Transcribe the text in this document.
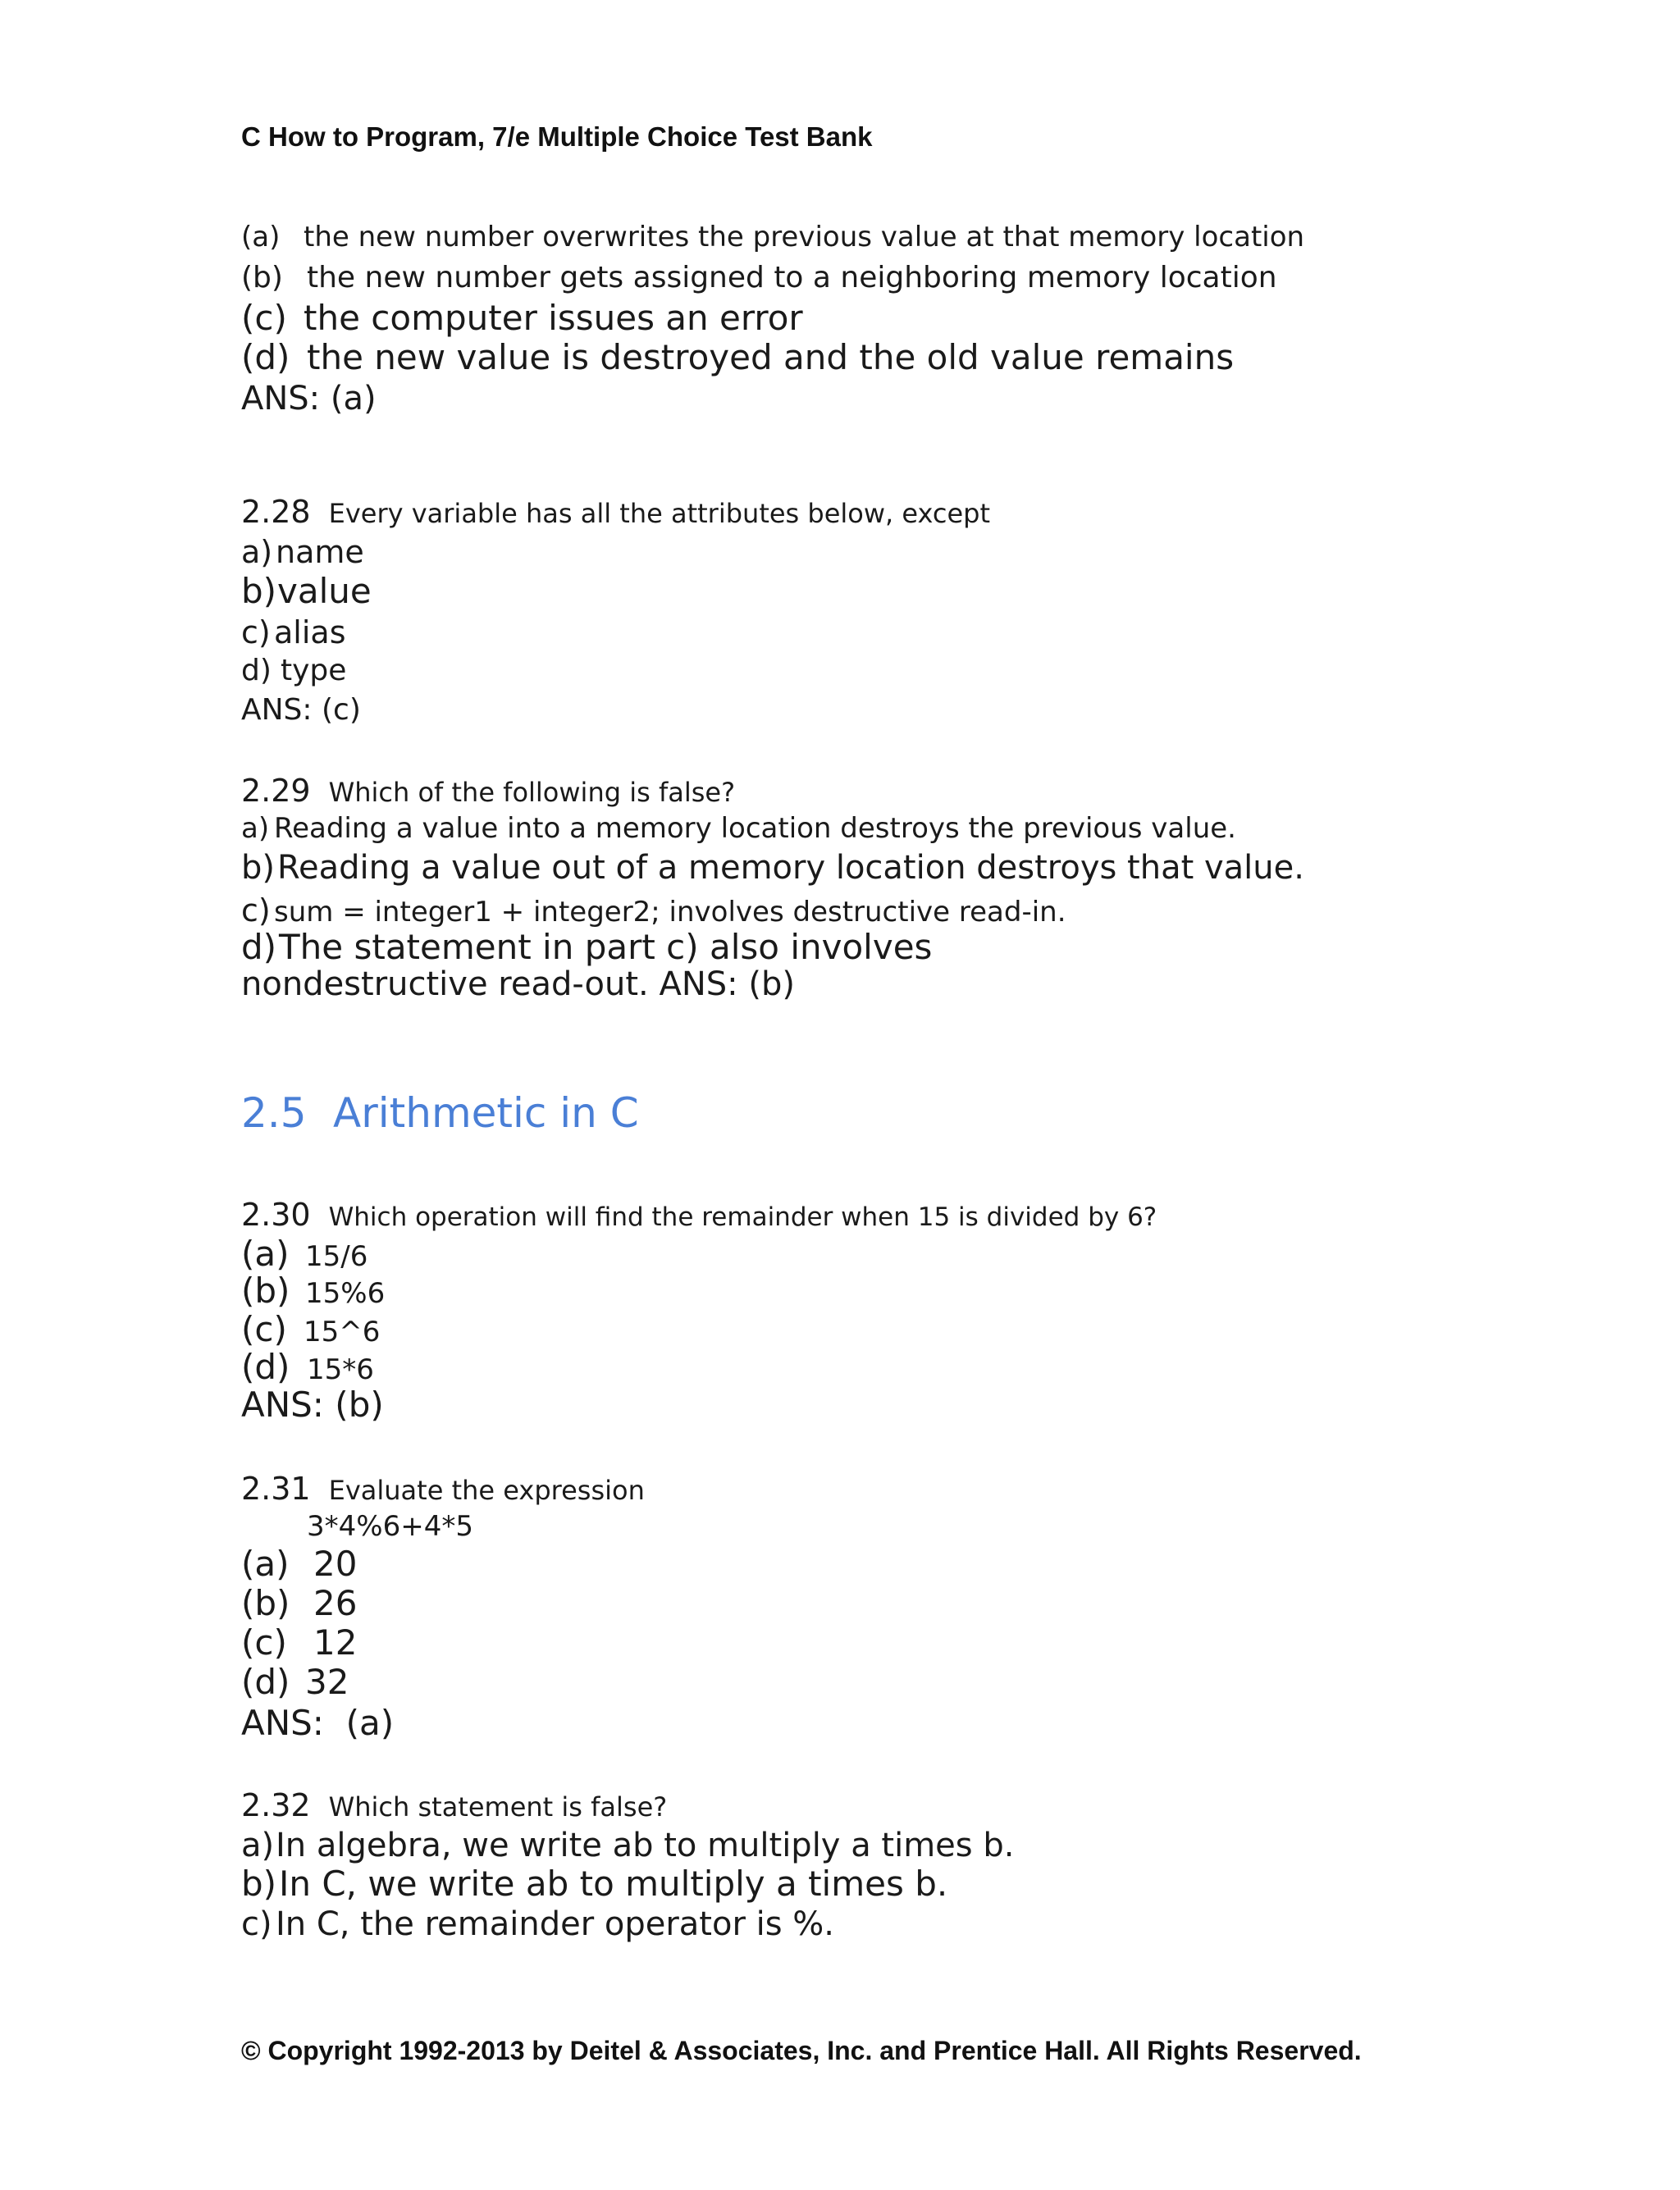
C How to Program, 7/e Multiple Choice Test Bank
(a) the new number overwrites the previous value at that memory location
(b) the new number gets assigned to a neighboring memory location
(c) the computer issues an error
(d) the new value is destroyed and the old value remains
ANS: (a)
2.28 Every variable has all the attributes below, except
a) name
b)value
c) alias
d) type
ANS: (c)
2.29 Which of the following is false?
a) Reading a value into a memory location destroys the previous value.
b)Reading a value out of a memory location destroys that value.
c) sum = integer1 + integer2; involves destructive read-in.
d)The statement in part c) also involves
nondestructive read-out. ANS: (b)
2.5 Arithmetic in C
2.30 Which operation will find the remainder when 15 is divided by 6?
(a) 15/6
(b) 15%6
(c) 15^6
(d) 15*6
ANS: (b)
2.31 Evaluate the expression
3*4%6+4*5
(a) 20
(b) 26
(c) 12
(d) 32
ANS:  (a)
2.32 Which statement is false?
a)In algebra, we write ab to multiply a times b.
b)In C, we write ab to multiply a times b.
c) In C, the remainder operator is %.
© Copyright 1992-2013 by Deitel & Associates, Inc. and Prentice Hall. All Rights Reserved.
